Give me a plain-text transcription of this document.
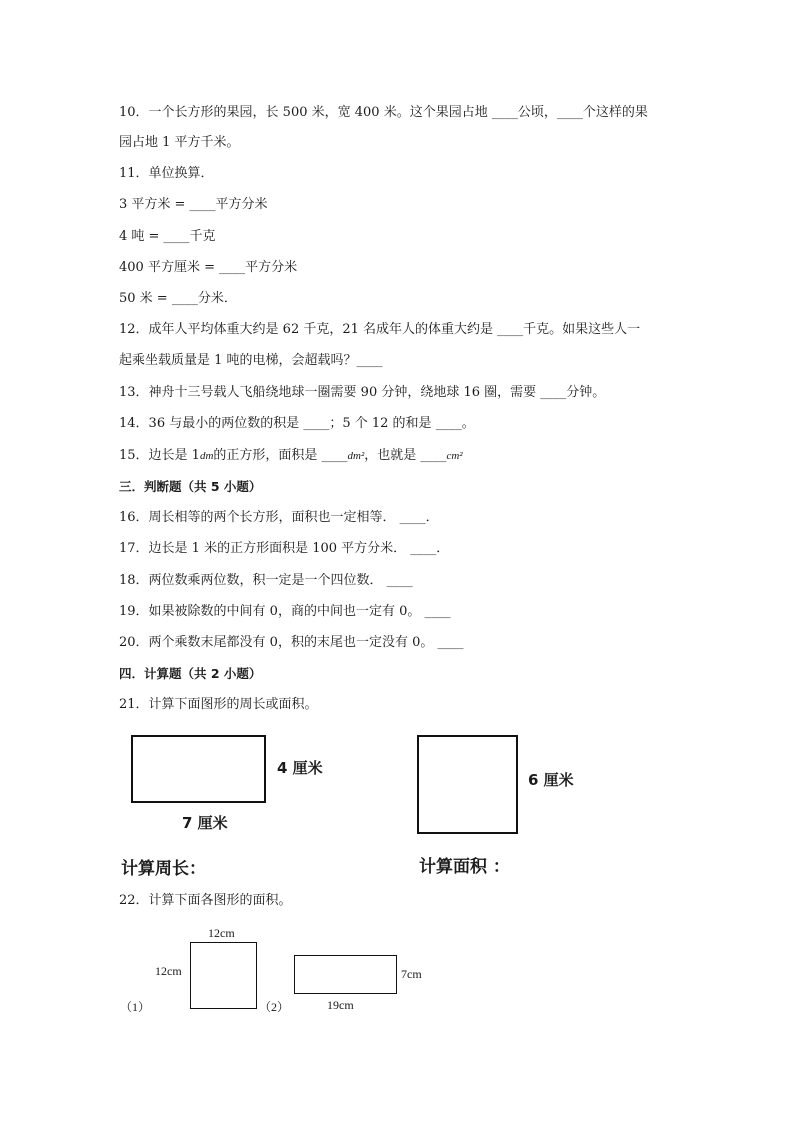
10．一个长方形的果园，长 500 米，宽 400 米。这个果园占地 ____公顷，____个这样的果
园占地 1 平方千米。
11．单位换算．
3 平方米 = ____平方分米
4 吨 = ____千克
400 平方厘米 = ____平方分米
50 米 = ____分米．
12．成年人平均体重大约是 62 千克，21 名成年人的体重大约是 ____千克。如果这些人一
起乘坐载质量是 1 吨的电梯，会超载吗？____
13．神舟十三号载人飞船绕地球一圈需要 90 分钟，绕地球 16 圈，需要 ____分钟。
14．36 与最小的两位数的积是 ____；5 个 12 的和是 ____。
15．边长是 1dm的正方形，面积是 ____dm²，也就是 ____cm²
三．判断题（共 5 小题）
16．周长相等的两个长方形，面积也一定相等． ____．
17．边长是 1 米的正方形面积是 100 平方分米． ____．
18．两位数乘两位数，积一定是一个四位数． ____
19．如果被除数的中间有 0，商的中间也一定有 0。 ____
20．两个乘数末尾都没有 0，积的末尾也一定没有 0。 ____
四．计算题（共 2 小题）
21．计算下面图形的周长或面积。
4 厘米
7 厘米
6 厘米
计算周长：	计算面积 ：
22．计算下面各图形的面积。
12cm
12cm
（1）	（2）
7cm
19cm
